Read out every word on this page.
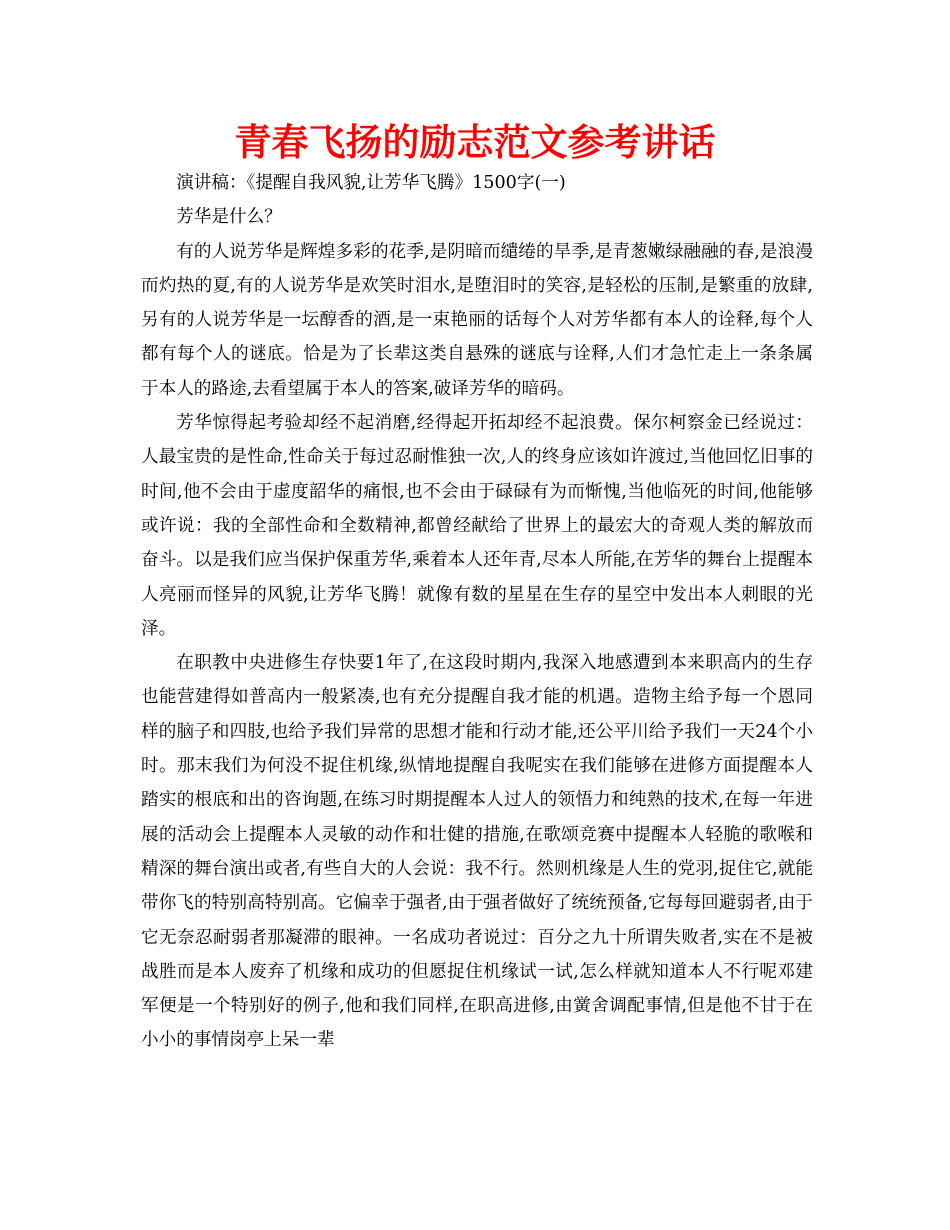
青春飞扬的励志范文参考讲话

演讲稿：《提醒自我风貌,让芳华飞腾》1500字(一)

芳华是什么？

有的人说芳华是辉煌多彩的花季,是阴暗而缱绻的旱季,是青葱嫩绿融融的春,是浪漫而灼热的夏,有的人说芳华是欢笑时泪水,是堕泪时的笑容,是轻松的压制,是繁重的放肆,另有的人说芳华是一坛醇香的酒,是一束艳丽的话每个人对芳华都有本人的诠释,每个人都有每个人的谜底。恰是为了长辈这类自悬殊的谜底与诠释,人们才急忙走上一条条属于本人的路途,去看望属于本人的答案,破译芳华的暗码。

芳华惊得起考验却经不起消磨,经得起开拓却经不起浪费。保尔柯察金已经说过：人最宝贵的是性命,性命关于每过忍耐惟独一次,人的终身应该如许渡过,当他回忆旧事的时间,他不会由于虚度韶华的痛恨,也不会由于碌碌有为而惭愧,当他临死的时间,他能够或许说：我的全部性命和全数精神,都曾经献给了世界上的最宏大的奇观人类的解放而奋斗。以是我们应当保护保重芳华,乘着本人还年青,尽本人所能,在芳华的舞台上提醒本人亮丽而怪异的风貌,让芳华飞腾！就像有数的星星在生存的星空中发出本人刺眼的光泽。

在职教中央进修生存快要1年了,在这段时期内,我深入地感遭到本来职高内的生存也能营建得如普高内一般紧凑,也有充分提醒自我才能的机遇。造物主给予每一个恩同样的脑子和四肢,也给予我们异常的思想才能和行动才能,还公平川给予我们一天24个小时。那末我们为何没不捉住机缘,纵情地提醒自我呢实在我们能够在进修方面提醒本人踏实的根底和出的咨询题,在练习时期提醒本人过人的领悟力和纯熟的技术,在每一年进展的活动会上提醒本人灵敏的动作和壮健的措施,在歌颂竞赛中提醒本人轻脆的歌喉和精深的舞台演出或者,有些自大的人会说：我不行。然则机缘是人生的党羽,捉住它,就能带你飞的特别高特别高。它偏幸于强者,由于强者做好了统统预备,它每每回避弱者,由于它无奈忍耐弱者那凝滞的眼神。一名成功者说过：百分之九十所谓失败者,实在不是被战胜而是本人废弃了机缘和成功的但愿捉住机缘试一试,怎么样就知道本人不行呢邓建军便是一个特别好的例子,他和我们同样,在职高进修,由黉舍调配事情,但是他不甘于在小小的事情岗亭上呆一辈
